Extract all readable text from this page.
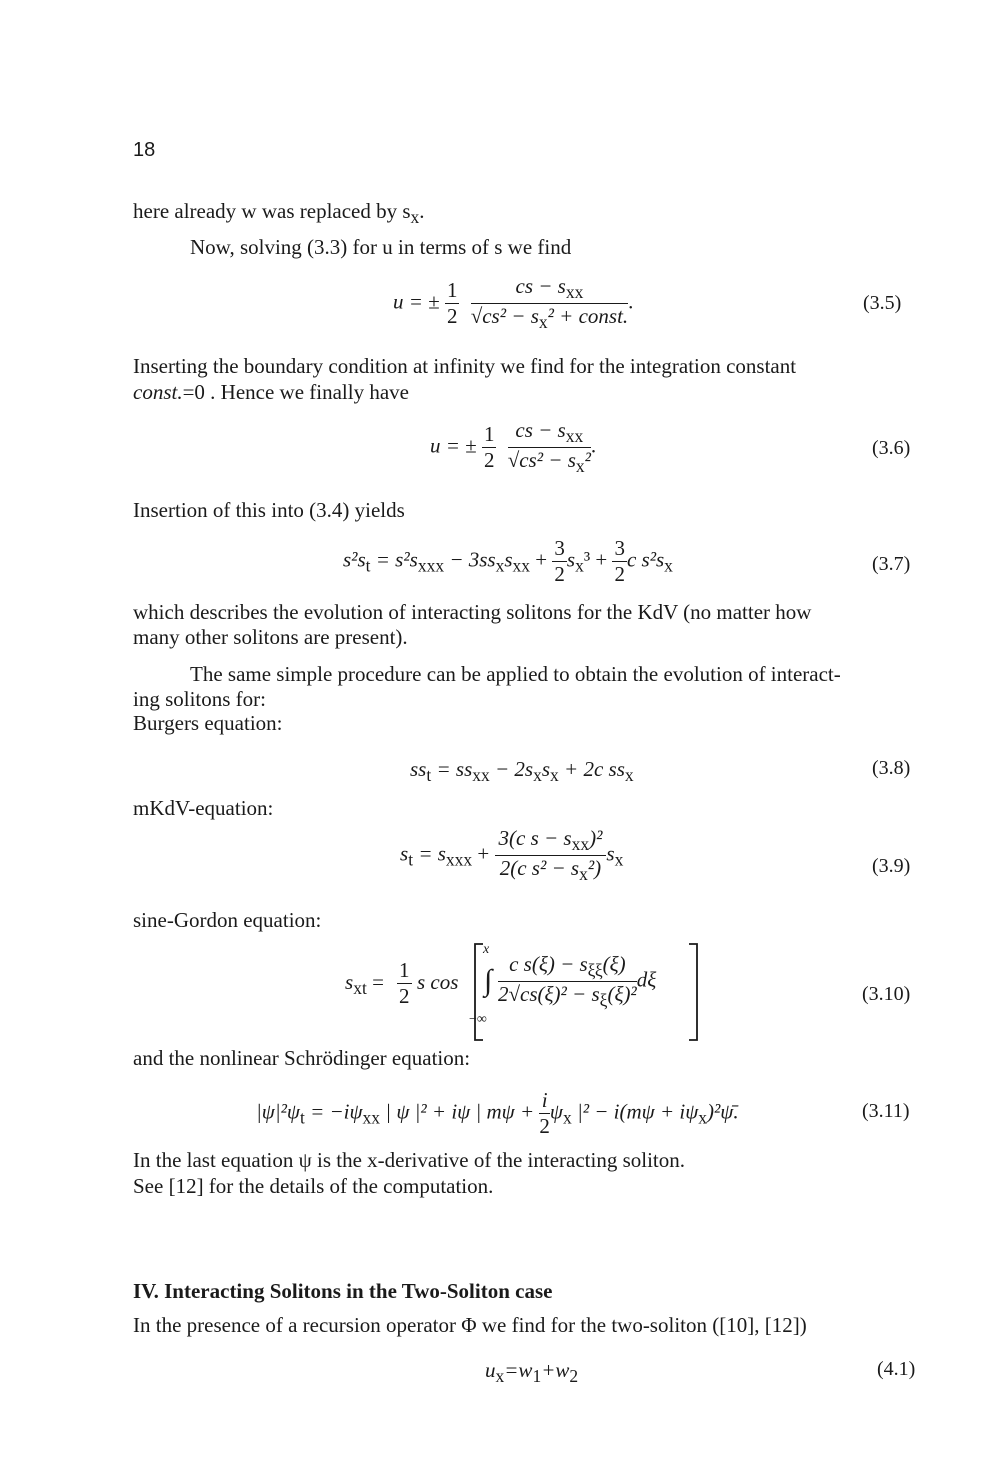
18
here already w was replaced by $s_x$.
Now, solving (3.3) for u in terms of s we find
u = ± $\frac{1}{2}$
$\frac{cs - s_{xx}}{√cs^2 - s_x^2 + const.}$ .	(3.5)
Inserting the boundary condition at infinity we find for the integration constant
const.=0 . Hence we finally have
u = ± $\frac{1}{2}$
$\frac{cs - s_{xx}}{√cs^2 - s_x^2}$ .	(3.6)
Insertion of this into (3.4) yields
$s^2s_t = s^2s_{xxx} - 3ss_xs_{xx} + \frac{3}{2} s_x^3 + \frac{3}{2}$ c $s^2s_x$	(3.7)
which describes the evolution of interacting solitons for the KdV (no matter how
many other solitons are present).
The same simple procedure can be applied to obtain the evolution of interact-
ing solitons for:
Burgers equation:
$ss_t = ss_{xx} - 2s_xs_x + 2c$ $ss_x$	(3.8)
mKdV-equation:
$s_t = s_{xxx} + \frac{3(c s - s_{xx})^2}{2(c s^2 - s_x^2)} s_x$	(3.9)
sine-Gordon equation:
$s_{xt} = \frac{1}{2}$ s cos
x
∫
−∞
$\frac{c s(\xi) - s_{\xi\xi}(\xi)}{2√cs(\xi)^2 - s_\xi(\xi)^2}$ dξ
(3.10)
and the nonlinear Schrödinger equation:
$|\psi|^2\psi_t = -i\psi_{xx}$ | ψ |² + iψ | $m\psi + \frac{i}{2} \psi_x$ $|^2 - i(m\psi + i\psi_x)^2\psī$.	(3.11)
In the last equation ψ is the x-derivative of the interacting soliton.
See [12] for the details of the computation.
IV. Interacting Solitons in the Two-Soliton case
In the presence of a recursion operator Φ we find for the two-soliton ([10], [12])
$u_x=w_1+w_2$	(4.1)
